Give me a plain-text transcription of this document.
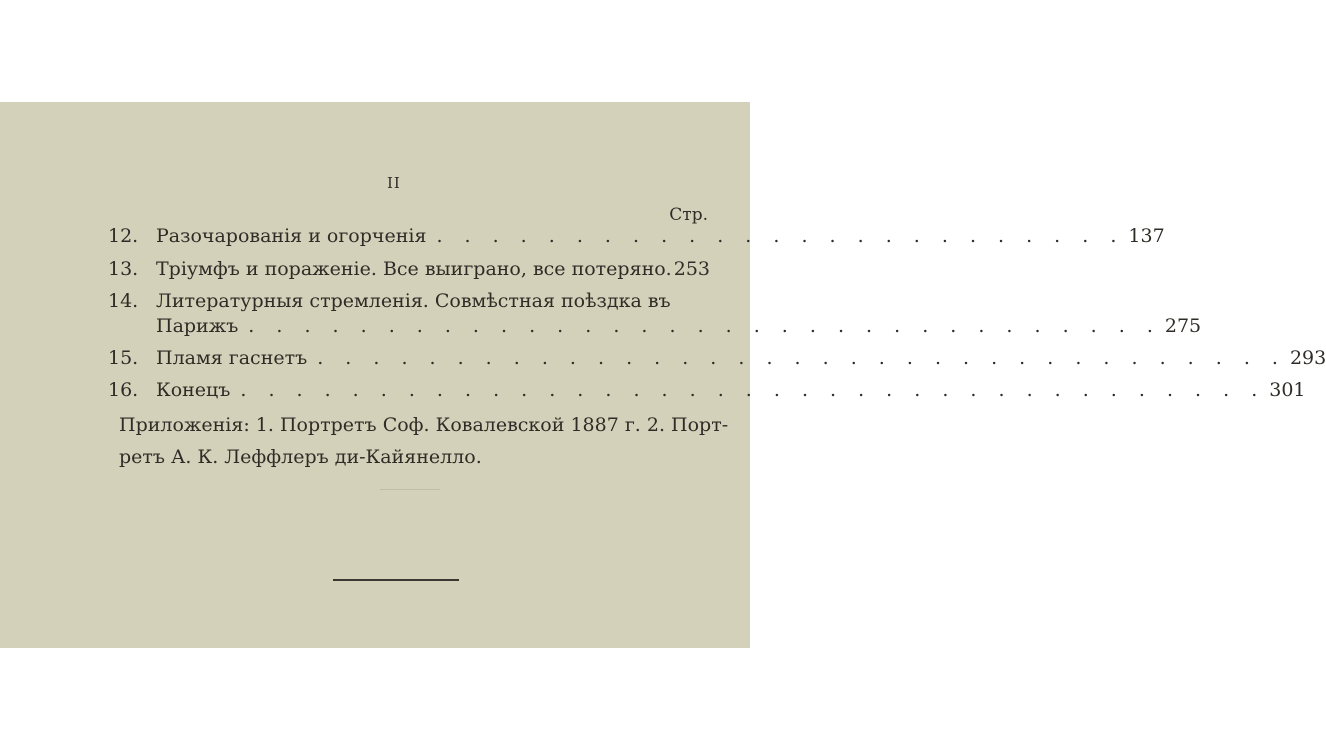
II
Стр.
12. Разочарованія и огорченія . . . . . . . . . . . . . . . . . . . . . . . . . 137
13. Тріумфъ и пораженіе. Все выиграно, все потеряно. 253
14. Литературныя стремленія. Совмѣстная поѣздка въ
Парижъ . . . . . . . . . . . . . . . . . . . . . . . . . . . . . . . . . 275
15. Пламя гаснетъ . . . . . . . . . . . . . . . . . . . . . . . . . . . . . . . . . . . 293
16. Конецъ . . . . . . . . . . . . . . . . . . . . . . . . . . . . . . . . . . . . . 301
Приложенія: 1. Портретъ Соф. Ковалевской 1887 г. 2. Порт-
ретъ А. К. Леффлеръ ди-Кайянелло.
